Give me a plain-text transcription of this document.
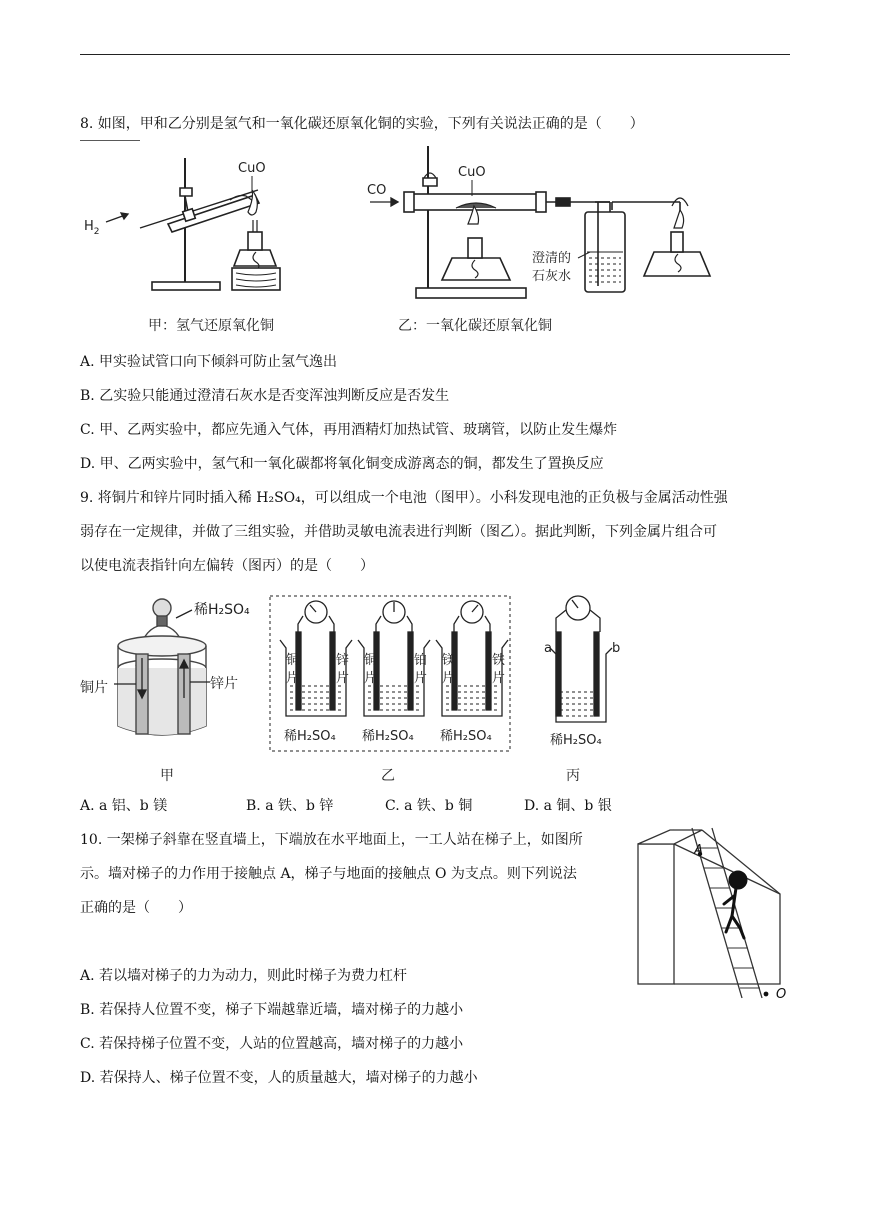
8. 如图，甲和乙分别是氢气和一氧化碳还原氧化铜的实验，下列有关说法正确的是（　　）
$H_2$
CuO
CO
CuO
澄清的
石灰水
甲：氢气还原氧化铜	乙：一氧化碳还原氧化铜
A. 甲实验试管口向下倾斜可防止氢气逸出
B. 乙实验只能通过澄清石灰水是否变浑浊判断反应是否发生
C. 甲、乙两实验中，都应先通入气体，再用酒精灯加热试管、玻璃管，以防止发生爆炸
D. 甲、乙两实验中，氢气和一氧化碳都将氧化铜变成游离态的铜，都发生了置换反应
9. 将铜片和锌片同时插入稀 H₂SO₄，可以组成一个电池（图甲）。小科发现电池的正负极与金属活动性强
弱存在一定规律，并做了三组实验，并借助灵敏电流表进行判断（图乙）。据此判断，下列金属片组合可
以使电流表指针向左偏转（图丙）的是（　　）
稀H₂SO₄
铜片	锌片
铜
片
锌
片
铜
片
铂
片
镁
片
铁
片
稀H₂SO₄ 稀H₂SO₄ 稀H₂SO₄
a	b
稀H₂SO₄
甲	乙	丙
A. a 铝、b 镁	B. a 铁、b 锌	C. a 铁、b 铜	D. a 铜、b 银
10. 一架梯子斜靠在竖直墙上，下端放在水平地面上，一工人站在梯子上，如图所
示。墙对梯子的力作用于接触点 A，梯子与地面的接触点 O 为支点。则下列说法
正确的是（　　）
A
O
A. 若以墙对梯子的力为动力，则此时梯子为费力杠杆
B. 若保持人位置不变，梯子下端越靠近墙，墙对梯子的力越小
C. 若保持梯子位置不变，人站的位置越高，墙对梯子的力越小
D. 若保持人、梯子位置不变，人的质量越大，墙对梯子的力越小
